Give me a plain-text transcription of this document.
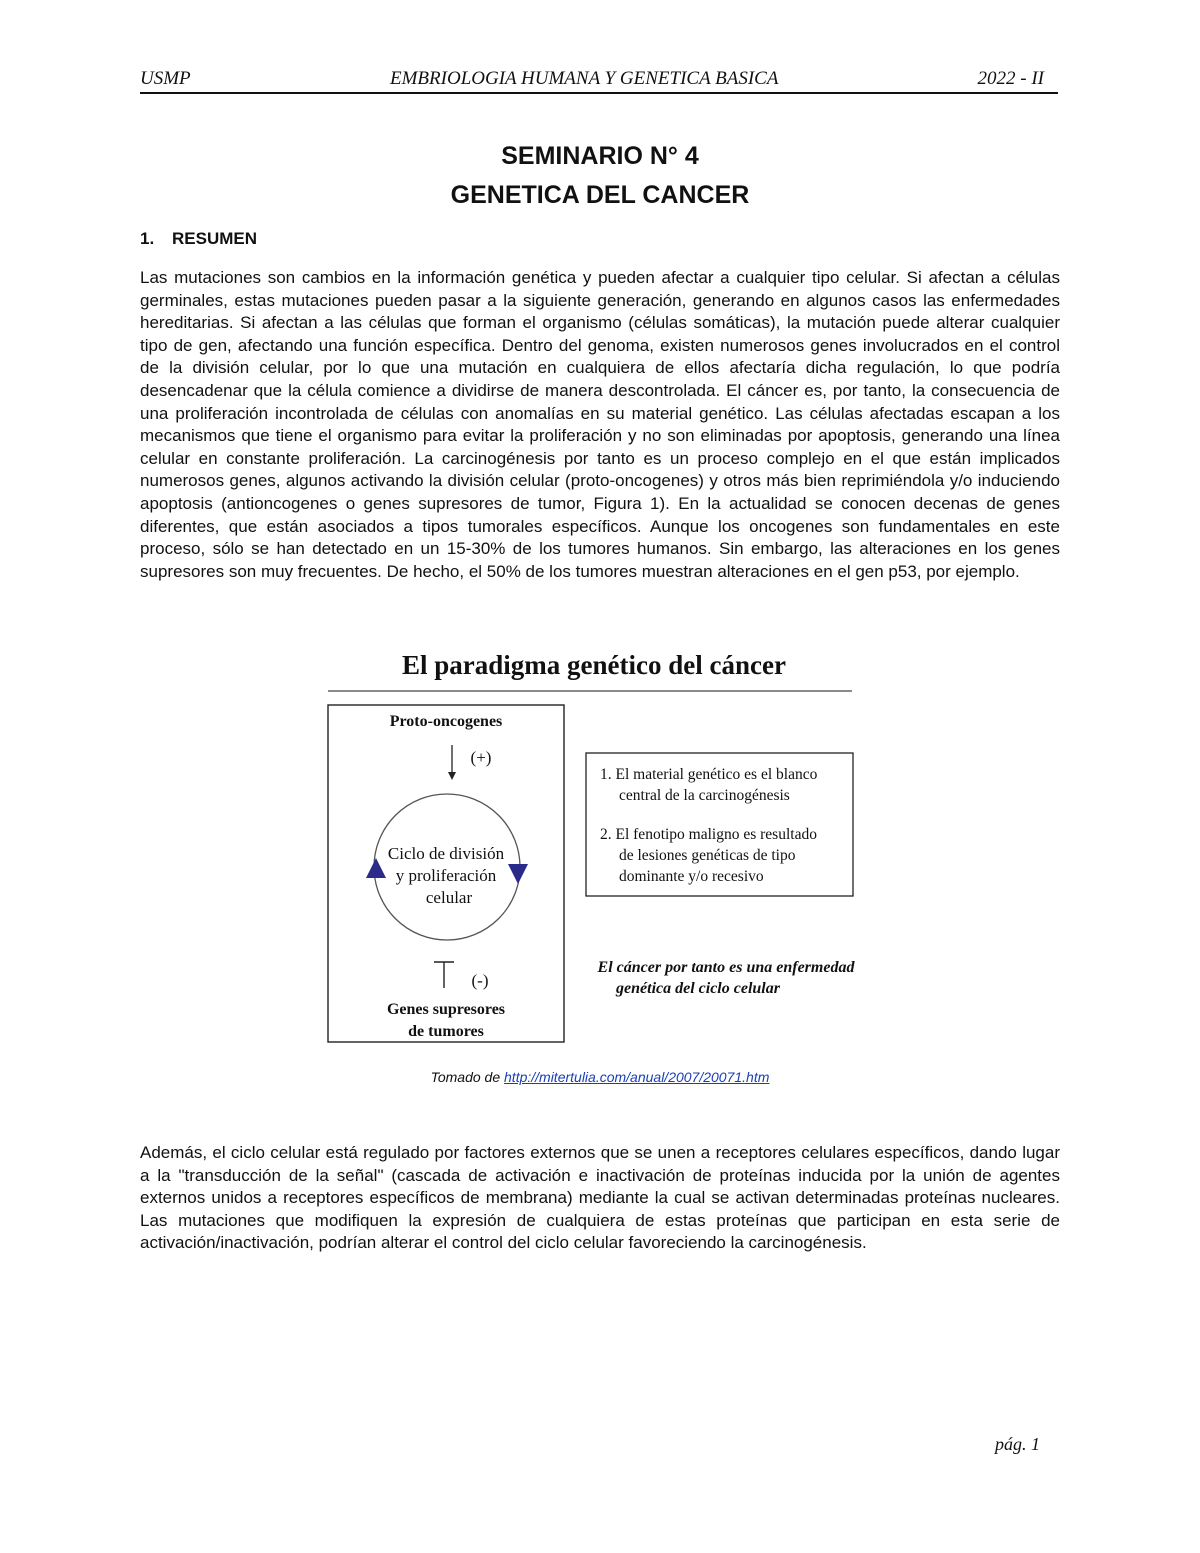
USMP	EMBRIOLOGIA HUMANA Y GENETICA BASICA	2022 - II
SEMINARIO N° 4
GENETICA DEL CANCER
1. RESUMEN

Las mutaciones son cambios en la información genética y pueden afectar a cualquier tipo celular. Si afectan a células germinales, estas mutaciones pueden pasar a la siguiente generación, generando en algunos casos las enfermedades hereditarias. Si afectan a las células que forman el organismo (células somáticas), la mutación puede alterar cualquier tipo de gen, afectando una función específica. Dentro del genoma, existen numerosos genes involucrados en el control de la división celular, por lo que una mutación en cualquiera de ellos afectaría dicha regulación, lo que podría desencadenar que la célula comience a dividirse de manera descontrolada. El cáncer es, por tanto, la consecuencia de una proliferación incontrolada de células con anomalías en su material genético. Las células afectadas escapan a los mecanismos que tiene el organismo para evitar la proliferación y no son eliminadas por apoptosis, generando una línea celular en constante proliferación. La carcinogénesis por tanto es un proceso complejo en el que están implicados numerosos genes, algunos activando la división celular (proto-oncogenes) y otros más bien reprimiéndola y/o induciendo apoptosis (antioncogenes o genes supresores de tumor, Figura 1). En la actualidad se conocen decenas de genes diferentes, que están asociados a tipos tumorales específicos. Aunque los oncogenes son fundamentales en este proceso, sólo se han detectado en un 15-30% de los tumores humanos. Sin embargo, las alteraciones en los genes supresores son muy frecuentes. De hecho, el 50% de los tumores muestran alteraciones en el gen p53, por ejemplo.

El paradigma genético del cáncer
Proto-oncogenes
(+)
Ciclo de división
y proliferación
celular
(-)
Genes supresores
de tumores
1. El material genético es el blanco
central de la carcinogénesis
2. El fenotipo maligno es resultado
de lesiones genéticas de tipo
dominante y/o recesivo
El cáncer por tanto es una enfermedad
genética del ciclo celular
Tomado de http://mitertulia.com/anual/2007/20071.htm

Además, el ciclo celular está regulado por factores externos que se unen a receptores celulares específicos, dando lugar a la "transducción de la señal" (cascada de activación e inactivación de proteínas inducida por la unión de agentes externos unidos a receptores específicos de membrana) mediante la cual se activan determinadas proteínas nucleares. Las mutaciones que modifiquen la expresión de cualquiera de estas proteínas que participan en esta serie de activación/inactivación, podrían alterar el control del ciclo celular favoreciendo la carcinogénesis.

pág. 1
